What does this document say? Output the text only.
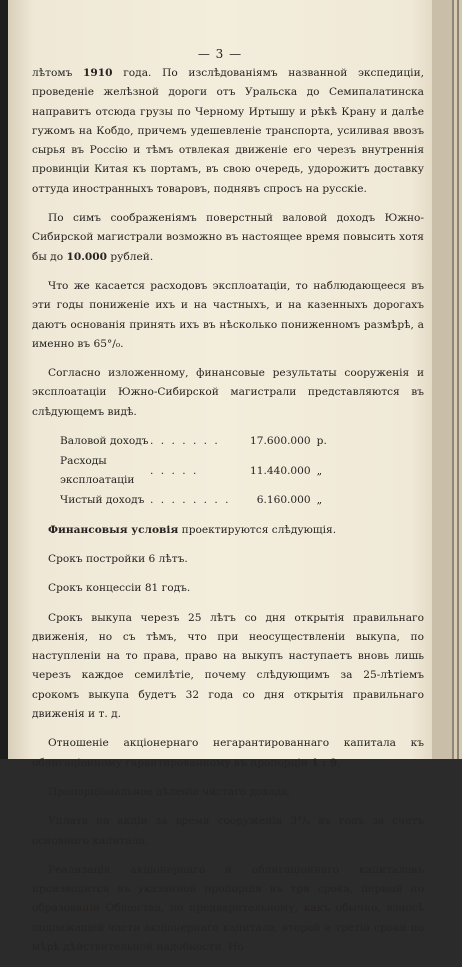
— 3 —

лѣтомъ 1910 года. По изслѣдованіямъ названной экспедиціи, проведеніе желѣзной дороги отъ Уральска до Семипалатинска направитъ отсюда грузы по Черному Иртышу и рѣкѣ Крану и далѣе гужомъ на Кобдо, причемъ удешевленіе транспорта, усиливая ввозъ сырья въ Россію и тѣмъ отвлекая движеніе его черезъ внутреннія провинціи Китая къ портамъ, въ свою очередь, удорожитъ доставку оттуда иностранныхъ товаровъ, поднявъ спросъ на русскіе.

По симъ соображеніямъ поверстный валовой доходъ Южно-Сибирской магистрали возможно въ настоящее время повысить хотя бы до 10.000 рублей.

Что же касается расходовъ эксплоатаціи, то наблюдающееся въ эти годы пониженіе ихъ и на частныхъ, и на казенныхъ дорогахъ даютъ основанія принять ихъ въ нѣсколько пониженномъ размѣрѣ, а именно въ 65°/₀.

Согласно изложенному, финансовые результаты сооруженія и эксплоатаціи Южно-Сибирской магистрали представляются въ слѣдующемъ видѣ.

Валовой доходъ	. . . . . . .	17.600.000	р.
Расходы эксплоатаціи	. . . . .	11.440.000	„
Чистый доходъ	. . . . . . . .	6.160.000	„

Финансовыя условія проектируются слѣдующія.

Срокъ постройки 6 лѣтъ.

Срокъ концессіи 81 годъ.

Срокъ выкупа черезъ 25 лѣтъ со дня открытія правильнаго движенія, но съ тѣмъ, что при неосуществленіи выкупа, по наступленіи на то права, право на выкупъ наступаетъ вновь лишь черезъ каждое семилѣтіе, почему слѣдующимъ за 25-лѣтіемъ срокомъ выкупа будетъ 32 года со дня открытія правильнаго движенія и т. д.

Отношеніе акціонернаго негарантированнаго капитала къ облигаціонному гарантированному въ пропорціи 1 : 9.

Пропорціональное дѣленіе чистаго дохода.

Уплата на акціи за время сооруженія 3°/₀ въ годъ за счетъ основного капитала.

Реализація акціонернаго и облигаціоннаго капиталовъ производится въ указанной пропорціи въ три срока, первый по образованіи Общества, по предварительному, какъ обычно, взносѣ подлежащей части акціонернаго капитала, второй и третій сроки по мѣрѣ дѣйствительной надобности. Но
